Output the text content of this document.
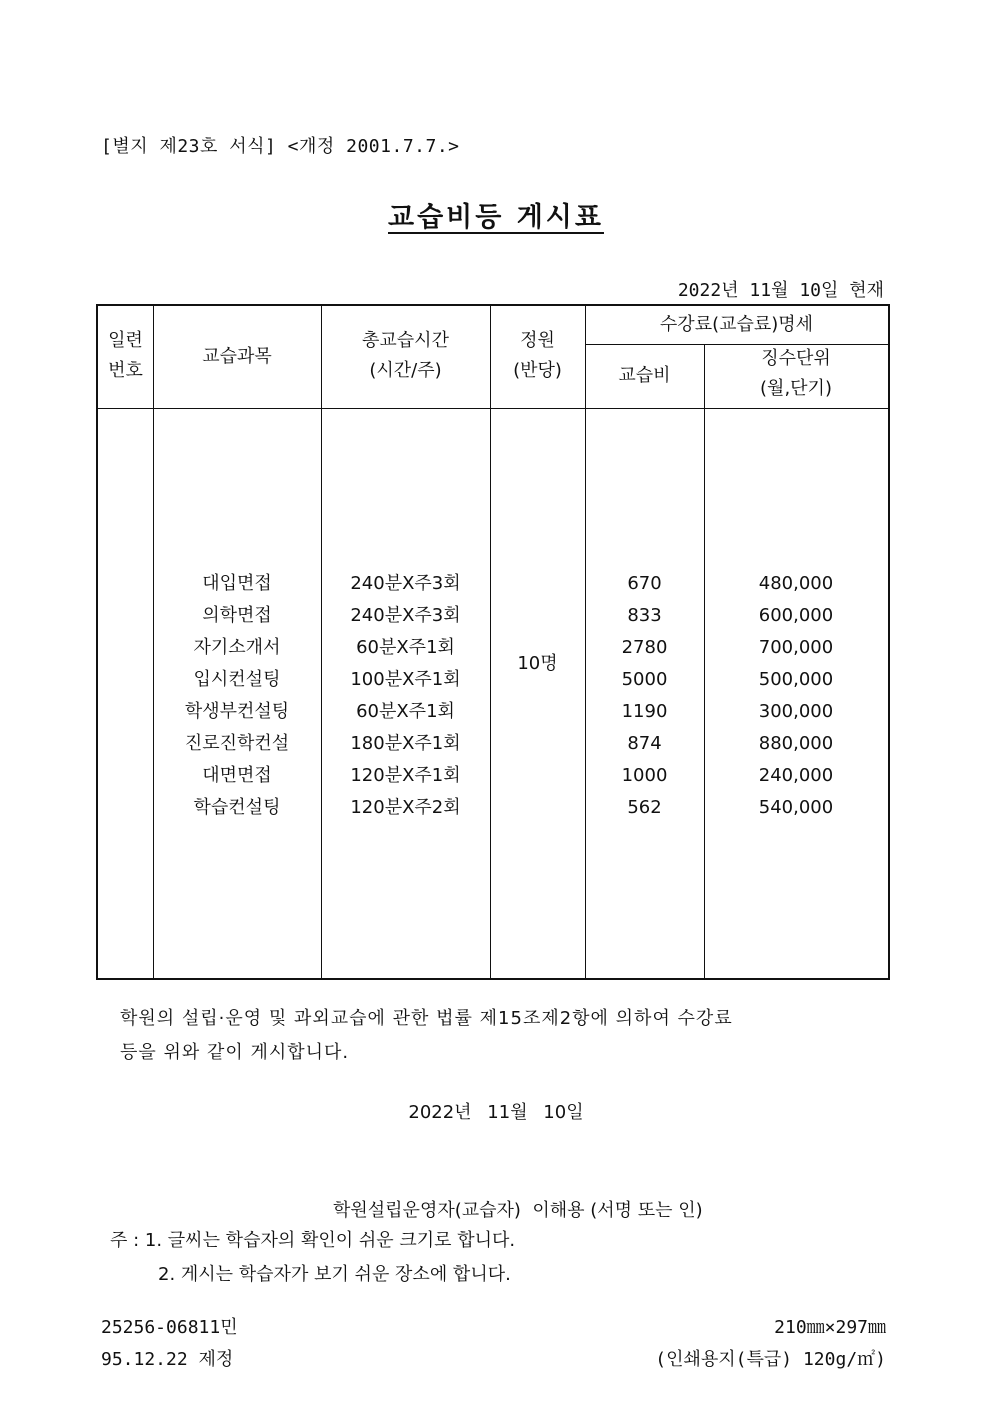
[별지 제23호 서식] <개정 2001.7.7.>
교습비등 게시표
2022년 11월 10일 현재
일련
번호
교습과목
총교습시간
(시간/주)
정원
(반당)
수강료(교습료)명세
교습비
징수단위
(월,단기)
대입면접
의학면접
자기소개서
입시컨설팅
학생부컨설팅
진로진학컨설
대면면접
학습컨설팅
240분X주3회
240분X주3회
60분X주1회
100분X주1회
60분X주1회
180분X주1회
120분X주1회
120분X주2회
10명
670
833
2780
5000
1190
874
1000
562
480,000
600,000
700,000
500,000
300,000
880,000
240,000
540,000
학원의 설립·운영 및 과외교습에 관한 법률 제15조제2항에 의하여 수강료
등을 위와 같이 게시합니다.
2022년 11월 10일
학원설립운영자(교습자)  이해용 (서명 또는 인)
주 : 1. 글씨는 학습자의 확인이 쉬운 크기로 합니다.
2. 게시는 학습자가 보기 쉬운 장소에 합니다.
25256-06811민
95.12.22 제정
210㎜×297㎜
(인쇄용지(특급) 120g/㎡)
